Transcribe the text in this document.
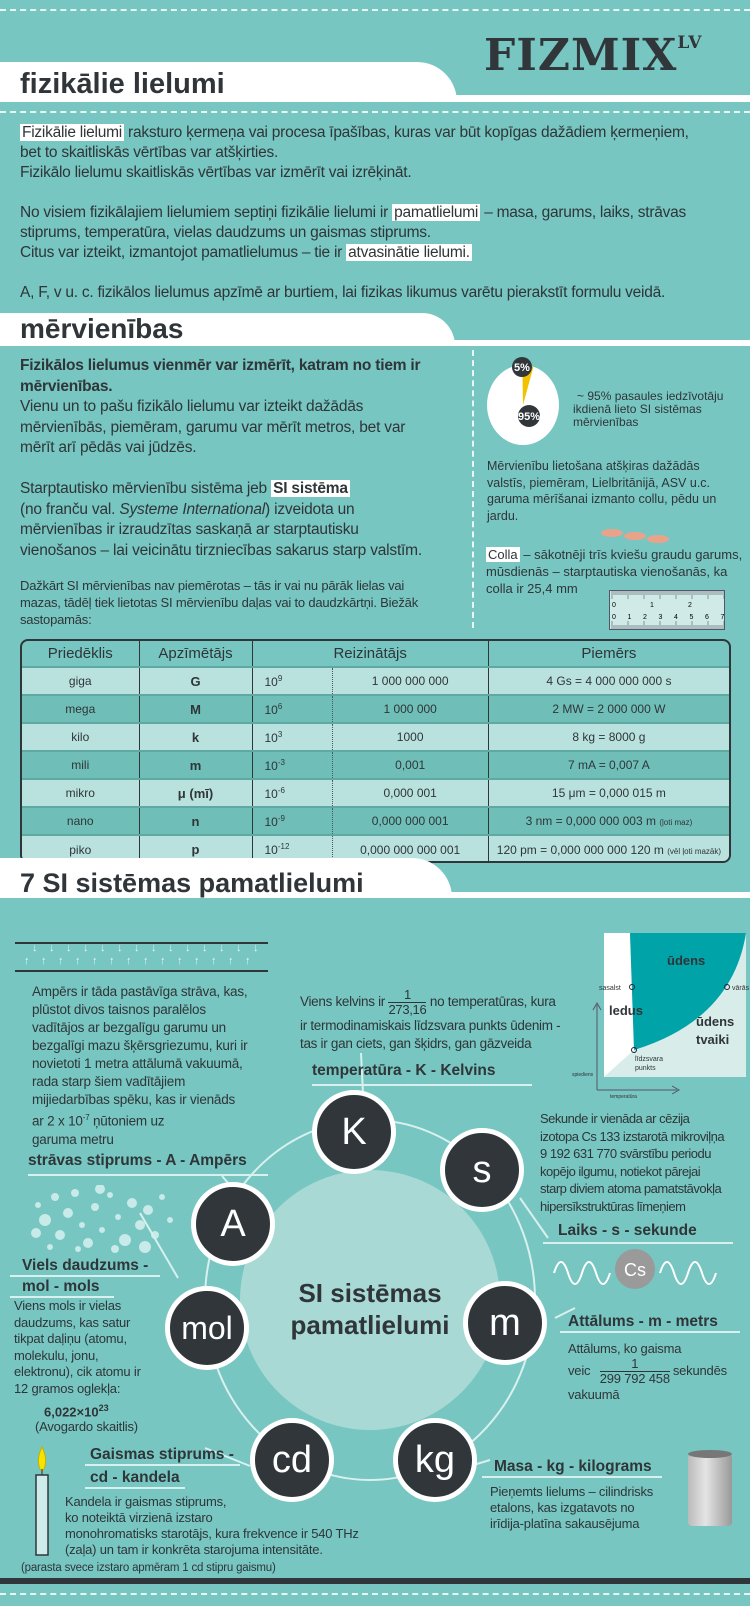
$FIZMIX^{LV}$
fizikālie lielumi
Fizikālie lielumi raksturo ķermeņa vai procesa īpašības, kuras var būt kopīgas dažādiem ķermeņiem,
bet to skaitliskās vērtības var atšķirties.
Fizikālo lielumu skaitliskās vērtības var izmērīt vai izrēķināt.

No visiem fizikālajiem lielumiem septiņi fizikālie lielumi ir pamatlielumi – masa, garums, laiks, strāvas
stiprums, temperatūra, vielas daudzums un gaismas stiprums.
Citus var izteikt, izmantojot pamatlielumus – tie ir atvasinātie lielumi.

A, F, v u. c. fizikālos lielumus apzīmē ar burtiem, lai fizikas likumus varētu pierakstīt formulu veidā.
mērvienības
Fizikālos lielumus vienmēr var izmērīt, katram no tiem ir
mērvienības.
Vienu un to pašu fizikālo lielumu var izteikt dažādās
mērvienībās, piemēram, garumu var mērīt metros, bet var
mērīt arī pēdās vai jūdzēs.

Starptautisko mērvienību sistēma jeb SI sistēma
(no franču val. Systeme International) izveidota un
mērvienības ir izraudzītas saskaņā ar starptautisku
vienošanos – lai veicinātu tirzniecības sakarus starp valstīm.
Dažkārt SI mērvienības nav piemērotas – tās ir vai nu pārāk lielas vai
mazas, tādēļ tiek lietotas SI mērvienību daļas vai to daudzkārtņi. Biežāk
sastopamās:
5%
95%
~ 95% pasaules iedzīvotāju
ikdienā lieto SI sistēmas
mērvienības
Mērvienību lietošana atšķiras dažādās
valstīs, piemēram, Lielbritānijā, ASV u.c.
garuma mērīšanai izmanto collu, pēdu un
jardu.
Colla – sākotnēji trīs kviešu graudu garums,
mūsdienās – starptautiska vienošanās, ka
colla ir 25,4 mm
0	1	2
0 1 2 3 4 5 6 7
Priedēklis	Apzīmētājs	Reizinātājs		Piemērs
giga	G	$10^9$	1 000 000 000	4 Gs = 4 000 000 000 s
mega	M	$10^6$	1 000 000	2 MW = 2 000 000 W
kilo	k	$10^3$	1000	8 kg = 8000 g
mili	m	$10^{-3}$	0,001	7 mA = 0,007 A
mikro	μ (mī)	$10^{-6}$	0,000 001	15 μm = 0,000 015 m
nano	n	$10^{-9}$	0,000 000 001	3 nm = 0,000 000 003 m (ļoti maz)
piko	p	$10^{-12}$	0,000 000 000 001	120 pm = 0,000 000 000 120 m (vēl ļoti mazāk)
7 SI sistēmas pamatlielumi
↓
↑
↓
↑
↓
↑
↓
↑
↓
↑
↓
↑
↓
↑
↓
↑
↓
↑
↓
↑
↓
↑
↓
↑
↓
↑
↓
↑
Ampērs ir tāda pastāvīga strāva, kas,
plūstot divos taisnos paralēlos
vadītājos ar bezgalīgu garumu un
bezgalīgi mazu šķērsgriezumu, kuri ir
novietoti 1 metra attālumā vakuumā,
rada starp šiem vadītājiem
mijiedarbības spēku, kas ir vienāds
ar 2 x $10^{-7}$ ņūtoniem uz
garuma metru
strāvas stiprums - A - Ampērs
Viens kelvins ir $\frac{1}{273,16}$ no temperatūras, kura
ir termodinamiskais līdzsvara punkts ūdenim -
tas ir gan ciets, gan šķidrs, gan gāzveida
temperatūra - K - Kelvins
ūdens
ledus
ūdens
tvaiki
sasalst	vārās
līdzsvara
punkts
spiediens
temperatūra
Sekunde ir vienāda ar cēzija
izotopa Cs 133 izstarotā mikroviļņa
9 192 631 770 svārstību periodu
kopējo ilgumu, notiekot pārejai
starp diviem atoma pamatstāvokļa
hipersīkstruktūras līmeņiem
Laiks - s - sekunde
Cs
Viels daudzums -
mol - mols
Viens mols ir vielas
daudzums, kas satur
tikpat daļiņu (atomu,
molekulu, jonu,
elektronu), cik atomu ir
12 gramos oglekļa:
$6,022\times 10^{23}$
(Avogardo skaitlis)
Attālums - m - metrs
Attālums, ko gaisma
veic $\frac{1}{299 792 458}$ sekundēs
vakuumā
Gaismas stiprums -
cd - kandela
Kandela ir gaismas stiprums,
ko noteiktā virzienā izstaro
monohromatisks starotājs, kura frekvence ir 540 THz
(zaļa) un tam ir konkrēta starojuma intensitāte.
(parasta svece izstaro apmēram 1 cd stipru gaismu)
Masa - kg - kilograms
Pieņemts lielums – cilindrisks
etalons, kas izgatavots no
irīdija-platīna sakausējuma
SI sistēmas
pamatlielumi
K
A
s
mol	m
cd	kg
